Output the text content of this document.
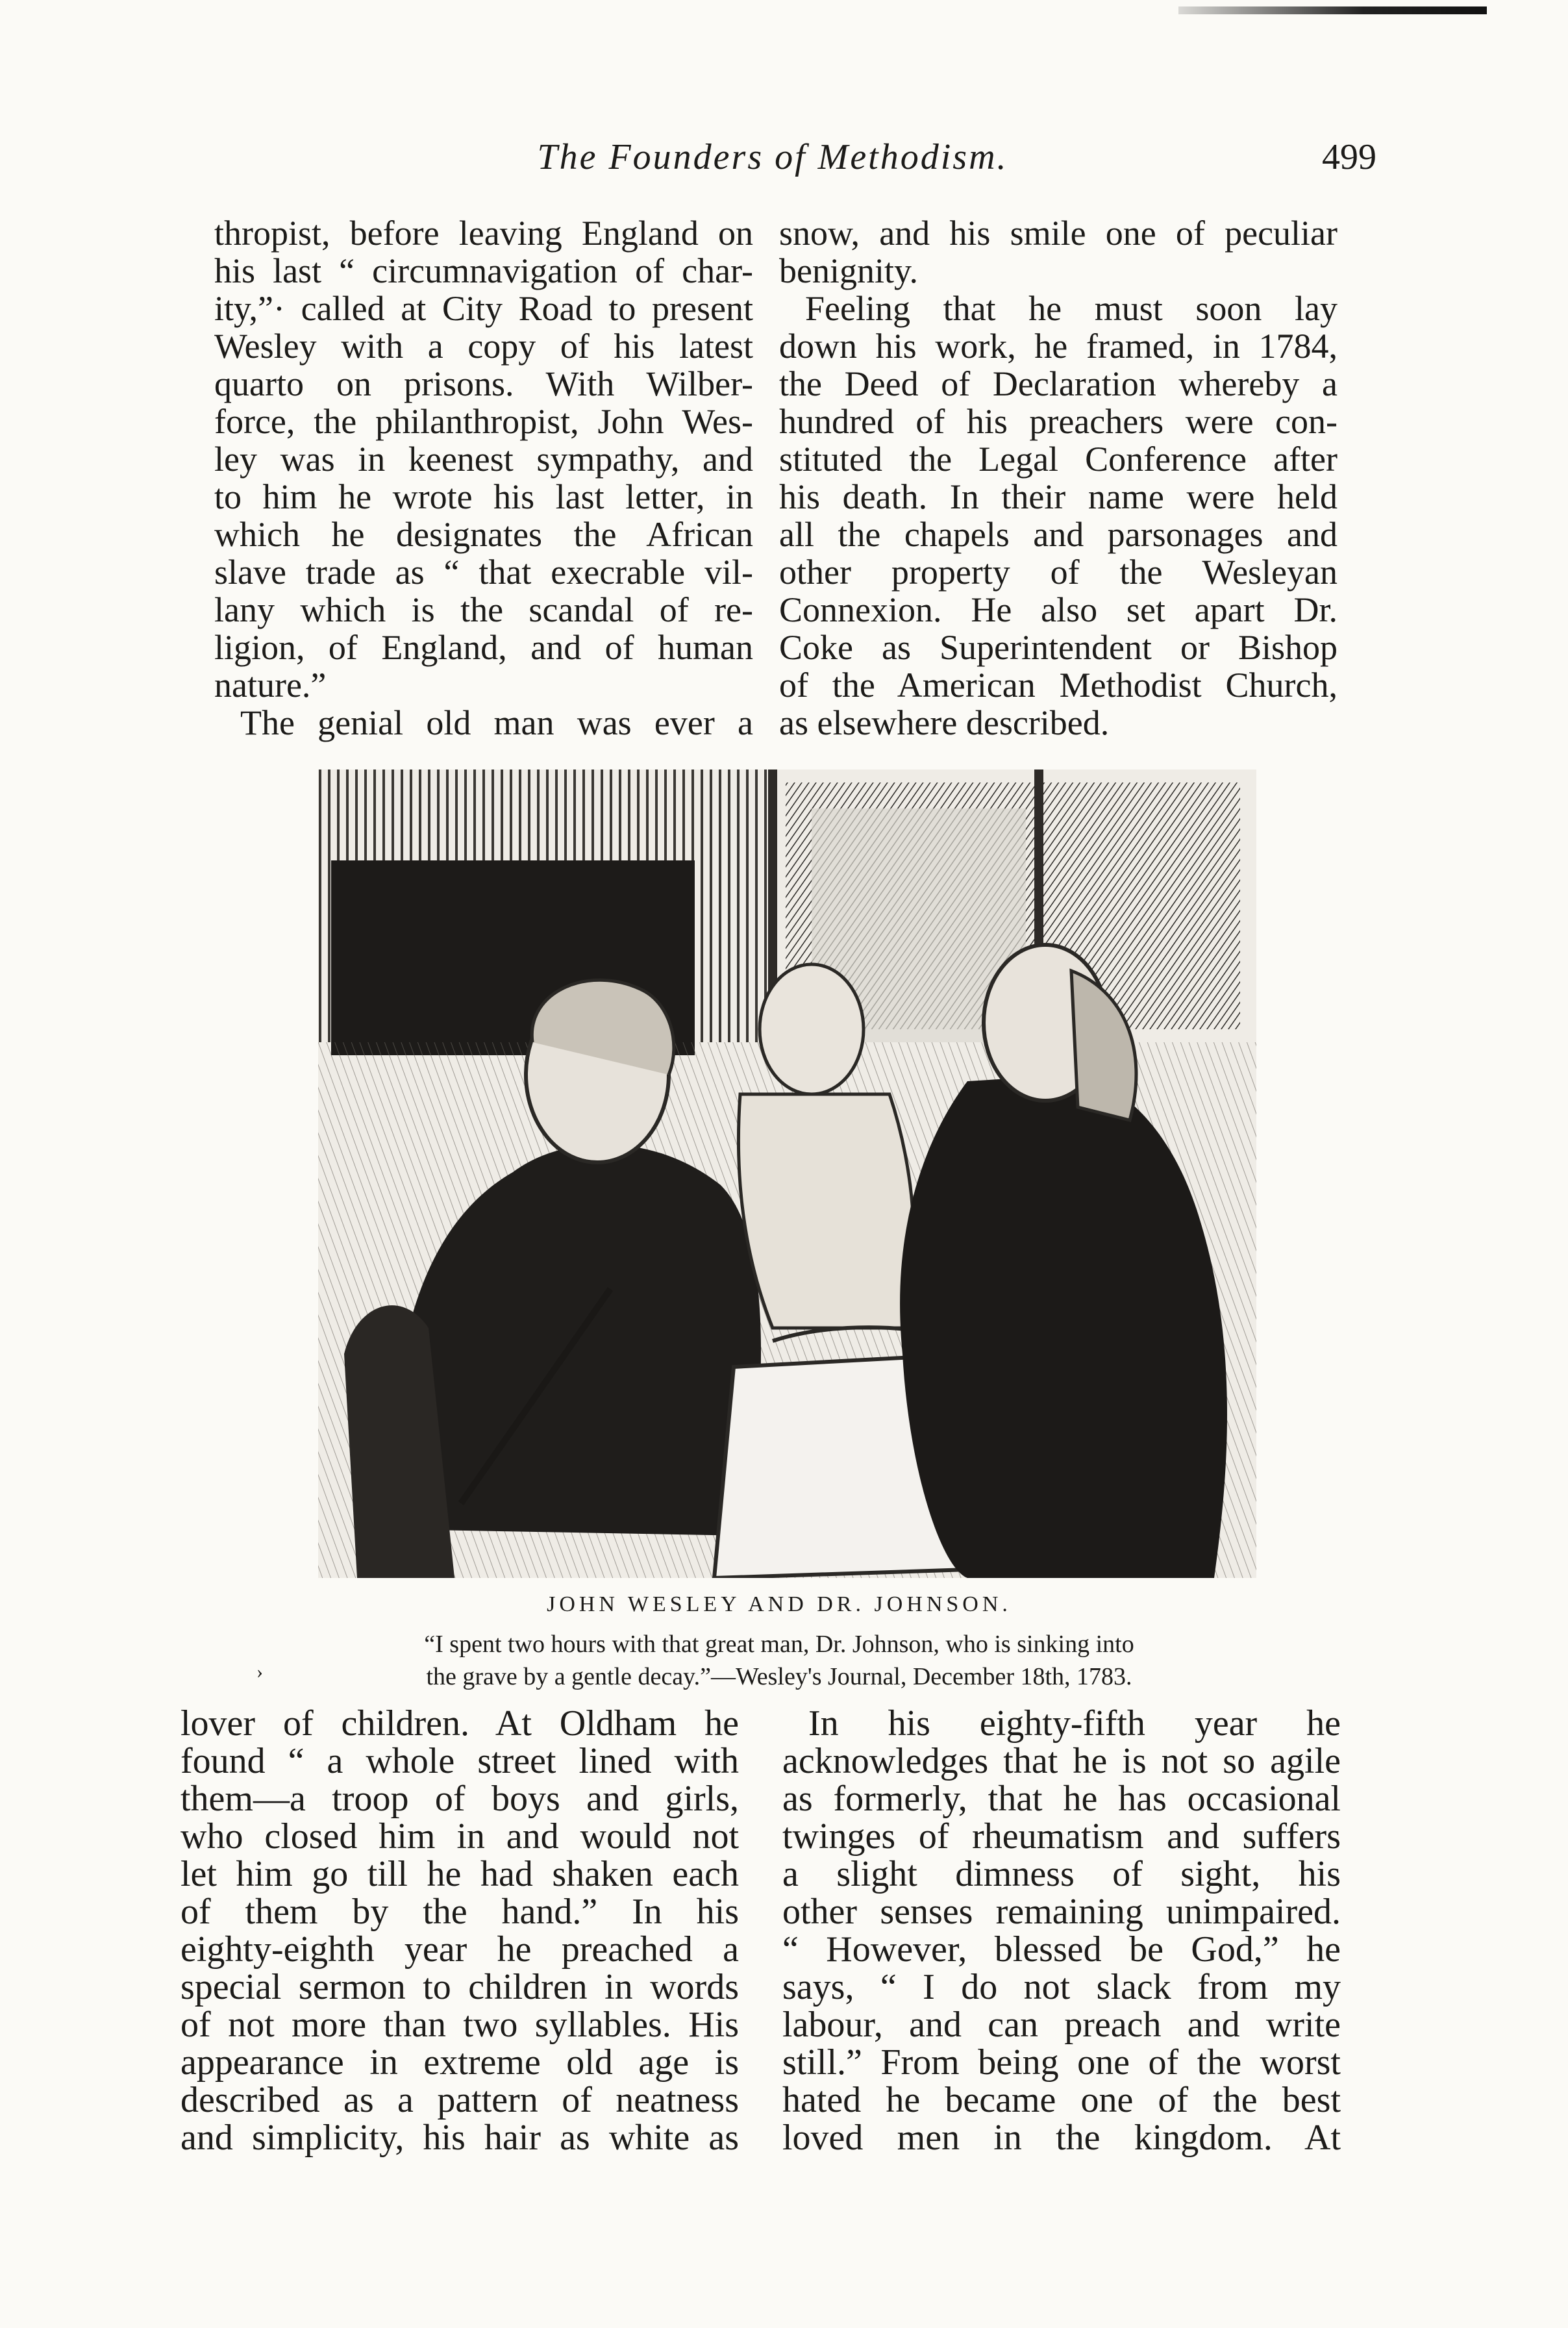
The Founders of Methodism.	499
thropist, before leaving England on
his last “ circumnavigation of char-
ity,”· called at City Road to present
Wesley with a copy of his latest
quarto on prisons. With Wilber-
force, the philanthropist, John Wes-
ley was in keenest sympathy, and
to him he wrote his last letter, in
which he designates the African
slave trade as “ that execrable vil-
lany which is the scandal of re-
ligion, of England, and of human
nature.”
The genial old man was ever a
snow, and his smile one of peculiar
benignity.
Feeling that he must soon lay
down his work, he framed, in 1784,
the Deed of Declaration whereby a
hundred of his preachers were con-
stituted the Legal Conference after
his death. In their name were held
all the chapels and parsonages and
other property of the Wesleyan
Connexion. He also set apart Dr.
Coke as Superintendent or Bishop
of the American Methodist Church,
as elsewhere described.
JOHN WESLEY AND DR. JOHNSON.
“I spent two hours with that great man, Dr. Johnson, who is sinking into
the grave by a gentle decay.”—Wesley's Journal, December 18th, 1783.
›
lover of children. At Oldham he
found “ a whole street lined with
them—a troop of boys and girls,
who closed him in and would not
let him go till he had shaken each
of them by the hand.” In his
eighty-eighth year he preached a
special sermon to children in words
of not more than two syllables. His
appearance in extreme old age is
described as a pattern of neatness
and simplicity, his hair as white as
In his eighty-fifth year he
acknowledges that he is not so agile
as formerly, that he has occasional
twinges of rheumatism and suffers
a slight dimness of sight, his
other senses remaining unimpaired.
“ However, blessed be God,” he
says, “ I do not slack from my
labour, and can preach and write
still.” From being one of the worst
hated he became one of the best
loved men in the kingdom. At
